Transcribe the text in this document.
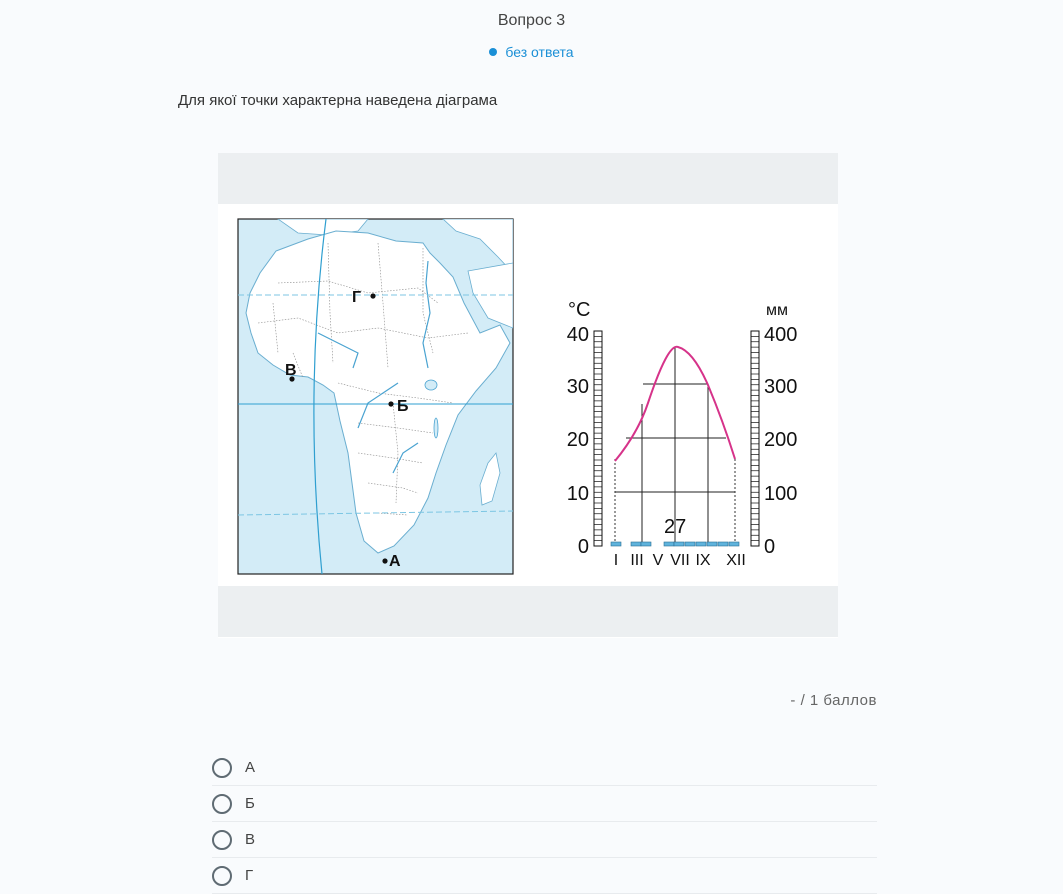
Вопрос 3
без ответа
Для якої точки характерна наведена діаграма
Г
В
Б
А
°C	мм
40
30
20
10
0
400
300
200
100
0
27
I III V VII IX XII
- / 1 баллов
А
Б
В
Г
